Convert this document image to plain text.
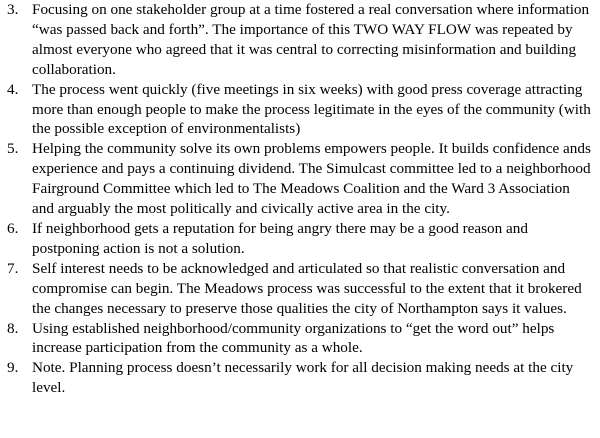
3. Focusing on one stakeholder group at a time fostered a real conversation where information “was passed back and forth”. The importance of this TWO WAY FLOW was repeated by almost everyone who agreed that it was central to correcting misinformation and building collaboration.
4. The process went quickly (five meetings in six weeks) with good press coverage attracting more than enough people to make the process legitimate in the eyes of the community (with the possible exception of environmentalists)
5. Helping the community solve its own problems empowers people. It builds confidence ands experience and pays a continuing dividend. The Simulcast committee led to a neighborhood Fairground Committee which led to The Meadows Coalition and the Ward 3 Association and arguably the most politically and civically active area in the city.
6. If neighborhood gets a reputation for being angry there may be a good reason and postponing action is not a solution.
7. Self interest needs to be acknowledged and articulated so that realistic conversation and compromise can begin. The Meadows process was successful to the extent that it brokered the changes necessary to preserve those qualities the city of Northampton says it values.
8. Using established neighborhood/community organizations to “get the word out” helps increase participation from the community as a whole.
9. Note. Planning process doesn’t necessarily work for all decision making needs at the city level.
